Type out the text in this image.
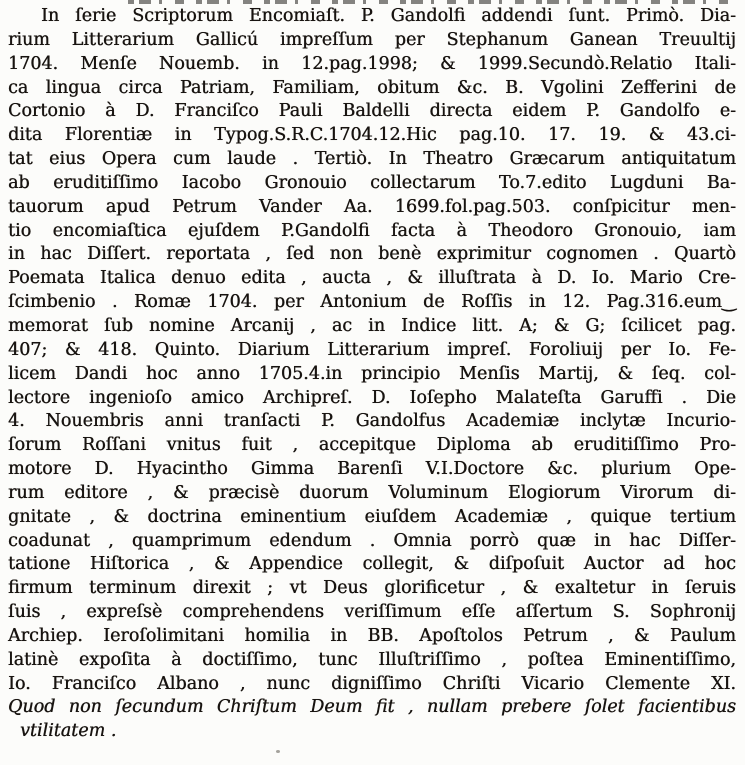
In ſerie Scriptorum Encomiaſt. P. Gandolfi addendi ſunt. Primò. Dia-
rium Litterarium Gallicú impreſſum per Stephanum Ganean Treuultij
1704. Menſe Nouemb. in 12.pag.1998; & 1999.Secundò.Relatio Itali-
ca lingua circa Patriam, Familiam, obitum &c. B. Vgolini Zefferini de
Cortonio à D. Franciſco Pauli Baldelli directa eidem P. Gandolfo e-
dita Florentiæ in Typog.S.R.C.1704.12.Hic pag.10. 17. 19. & 43.ci-
tat eius Opera cum laude . Tertiò. In Theatro Græcarum antiquitatum
ab eruditiſſimo Iacobo Gronouio collectarum To.7.edito Lugduni Ba-
tauorum apud Petrum Vander Aa. 1699.fol.pag.503. conſpicitur men-
tio encomiaſtica ejuſdem P.Gandolfi facta à Theodoro Gronouio, iam
in hac Diſſert. reportata , ſed non benè exprimitur cognomen . Quartò
Poemata Italica denuo edita , aucta , & illuſtrata à D. Io. Mario Cre-
ſcimbenio . Romæ 1704. per Antonium de Roſſis in 12. Pag.316.eum‿
memorat ſub nomine Arcanij , ac in Indice litt. A; & G; ſcilicet pag.
407; & 418. Quinto. Diarium Litterarium impreſ. Foroliuij per Io. Fe-
licem Dandi hoc anno 1705.4.in principio Menſis Martij, & ſeq. col-
lectore ingenioſo amico Archipreſ. D. Ioſepho Malateſta Garuffi . Die
4. Nouembris anni tranſacti P. Gandolfus Academiæ inclytæ Incurio-
ſorum Roſſani vnitus fuit , accepitque Diploma ab eruditiſſimo Pro-
motore D. Hyacintho Gimma Barenſi V.I.Doctore &c. plurium Ope-
rum editore , & præcisè duorum Voluminum Elogiorum Virorum di-
gnitate , & doctrina eminentium eiuſdem Academiæ , quique tertium
coadunat , quamprimum edendum . Omnia porrò quæ in hac Diſſer-
tatione Hiſtorica , & Appendice collegit, & diſpoſuit Auctor ad hoc
firmum terminum direxit ; vt Deus glorificetur , & exaltetur in ſeruis
ſuis , expreſsè comprehendens veriſſimum eſſe aſſertum S. Sophronij
Archiep. Ieroſolimitani homilia in BB. Apoſtolos Petrum , & Paulum
latinè expoſita à doctiſſimo, tunc Illuſtriſſimo , poſtea Eminentiſſimo,
Io. Franciſco Albano , nunc digniſſimo Chriſti Vicario Clemente XI.
Quod non ſecundum Chriſtum Deum fit , nullam prebere ſolet facientibus
vtilitatem .
